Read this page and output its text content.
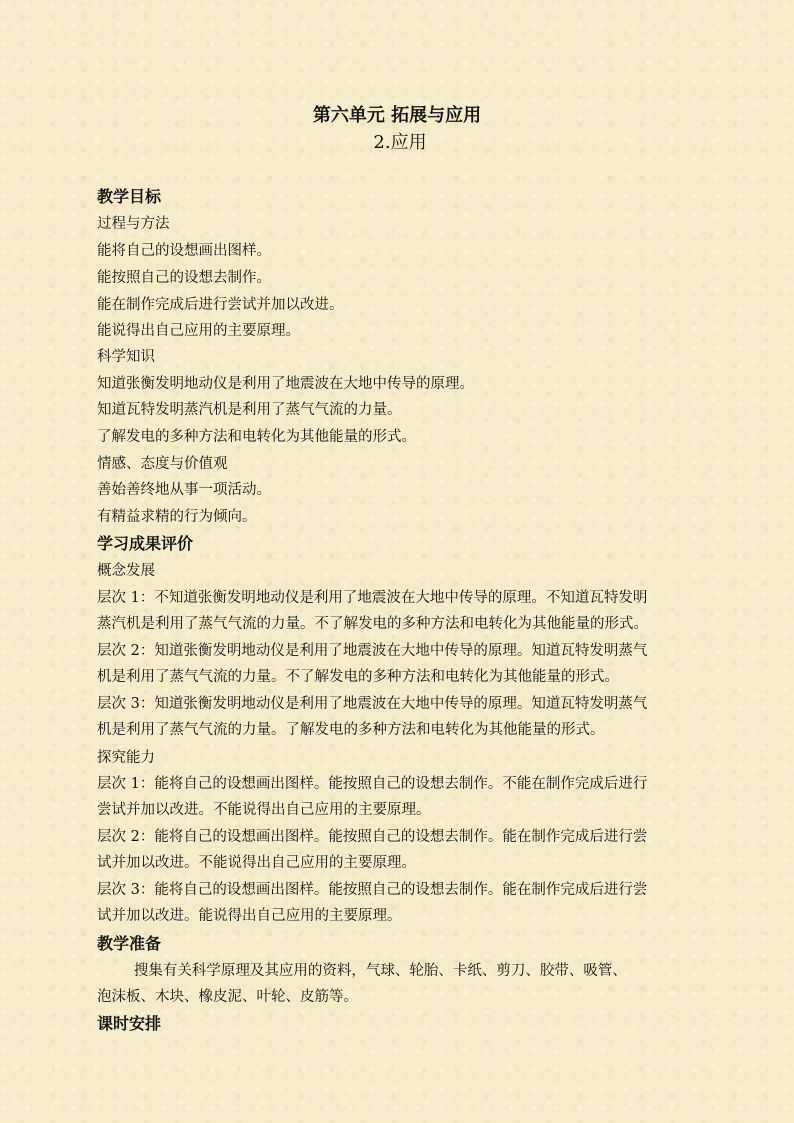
第六单元 拓展与应用
2.应用
教学目标
过程与方法
能将自己的设想画出图样。
能按照自己的设想去制作。
能在制作完成后进行尝试并加以改进。
能说得出自己应用的主要原理。
科学知识
知道张衡发明地动仪是利用了地震波在大地中传导的原理。
知道瓦特发明蒸汽机是利用了蒸气气流的力量。
了解发电的多种方法和电转化为其他能量的形式。
情感、态度与价值观
善始善终地从事一项活动。
有精益求精的行为倾向。
学习成果评价
概念发展
层次 1：不知道张衡发明地动仪是利用了地震波在大地中传导的原理。不知道瓦特发明
蒸汽机是利用了蒸气气流的力量。不了解发电的多种方法和电转化为其他能量的形式。
层次 2：知道张衡发明地动仪是利用了地震波在大地中传导的原理。知道瓦特发明蒸气
机是利用了蒸气气流的力量。不了解发电的多种方法和电转化为其他能量的形式。
层次 3：知道张衡发明地动仪是利用了地震波在大地中传导的原理。知道瓦特发明蒸气
机是利用了蒸气气流的力量。了解发电的多种方法和电转化为其他能量的形式。
探究能力
层次 1：能将自己的设想画出图样。能按照自己的设想去制作。不能在制作完成后进行
尝试并加以改进。不能说得出自己应用的主要原理。
层次 2：能将自己的设想画出图样。能按照自己的设想去制作。能在制作完成后进行尝
试并加以改进。不能说得出自己应用的主要原理。
层次 3：能将自己的设想画出图样。能按照自己的设想去制作。能在制作完成后进行尝
试并加以改进。能说得出自己应用的主要原理。
教学准备
搜集有关科学原理及其应用的资料，气球、轮胎、卡纸、剪刀、胶带、吸管、
泡沫板、木块、橡皮泥、叶轮、皮筋等。
课时安排
